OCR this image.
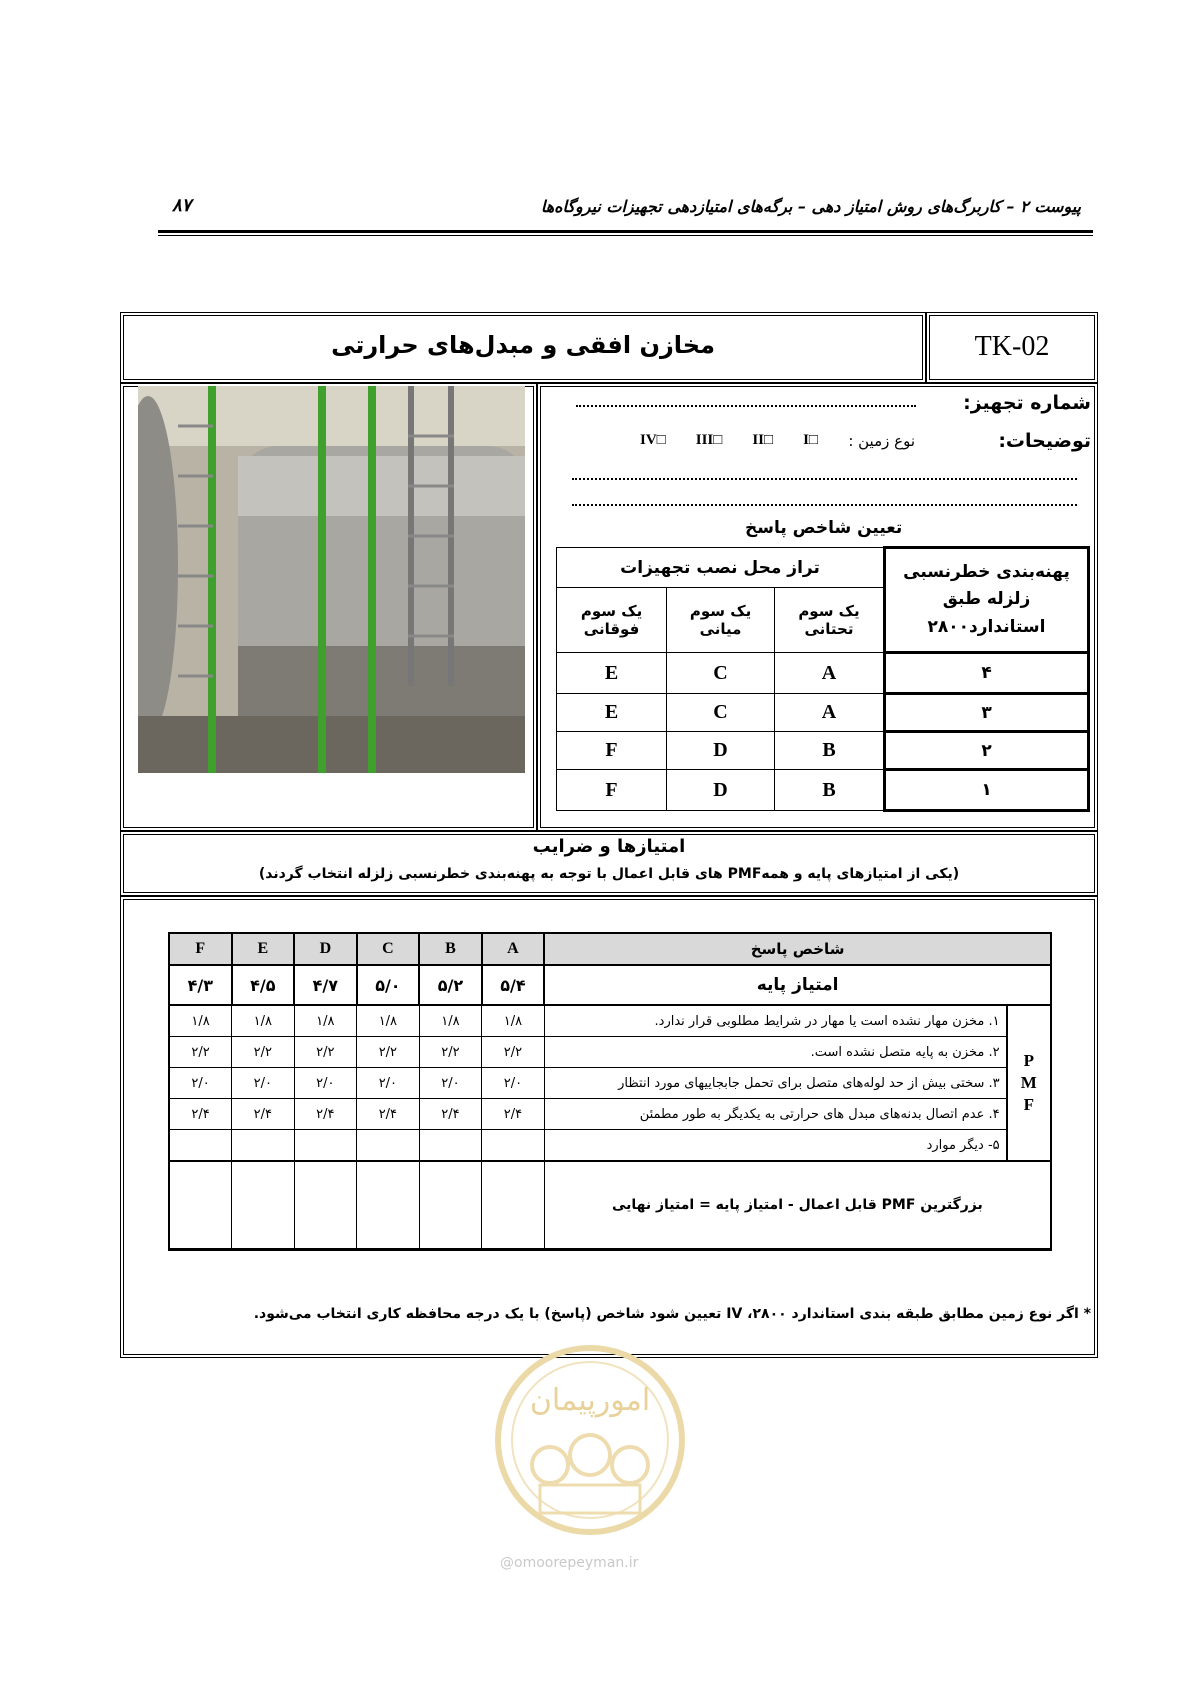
پیوست ۲ – کاربرگ‌های روش امتیاز دهی – برگه‌های امتیازدهی تجهیزات نیروگاه‌ها
۸۷
مخازن افقی و مبدل‌های حرارتی	TK-02
شماره تجهیز:
توضیحات:
نوع زمین :
IV□ III□ II□ I□
تعیین شاخص پاسخ
پهنه‌بندی خطرنسبی زلزله طبق استاندارد۲۸۰۰	تراز محل نصب تجهیزات		
	یک سوم تحتانی	یک سوم میانی	یک سوم فوقانی
۴	A	C	E
۳	A	C	E
۲	B	D	F
۱	B	D	F
امتیازها و ضرایب
(یکی از امتیازهای پایه و همهPMF های قابل اعمال با توجه به پهنه‌بندی خطرنسبی زلزله انتخاب گردند)
شاخص پاسخ		A	B	C	D	E	F
امتیاز پایه		۵/۴	۵/۲	۵/۰	۴/۷	۴/۵	۴/۳

P
M
F	۱. مخزن مهار نشده است یا مهار در شرایط مطلوبی قرار ندارد.	۱/۸	۱/۸	۱/۸	۱/۸	۱/۸	۱/۸
	۲. مخزن به پایه متصل نشده است.	۲/۲	۲/۲	۲/۲	۲/۲	۲/۲	۲/۲
	۳. سختی بیش از حد لوله‌های متصل برای تحمل جابجاییهای مورد انتظار	۲/۰	۲/۰	۲/۰	۲/۰	۲/۰	۲/۰
	۴. عدم اتصال بدنه‌های مبدل های حرارتی به یکدیگر به طور مطمئن	۲/۴	۲/۴	۲/۴	۲/۴	۲/۴	۲/۴
	۵- دیگر موارد						
بزرگترین PMF قابل اعمال - امتیاز پایه = امتیاز نهایی							
* اگر نوع زمین مطابق طبقه بندی استاندارد ۲۸۰۰، IV تعیین شود شاخص (پاسخ) با یک درجه محافظه کاری انتخاب می‌شود.
امورپیمان
@omoorepeyman.ir
